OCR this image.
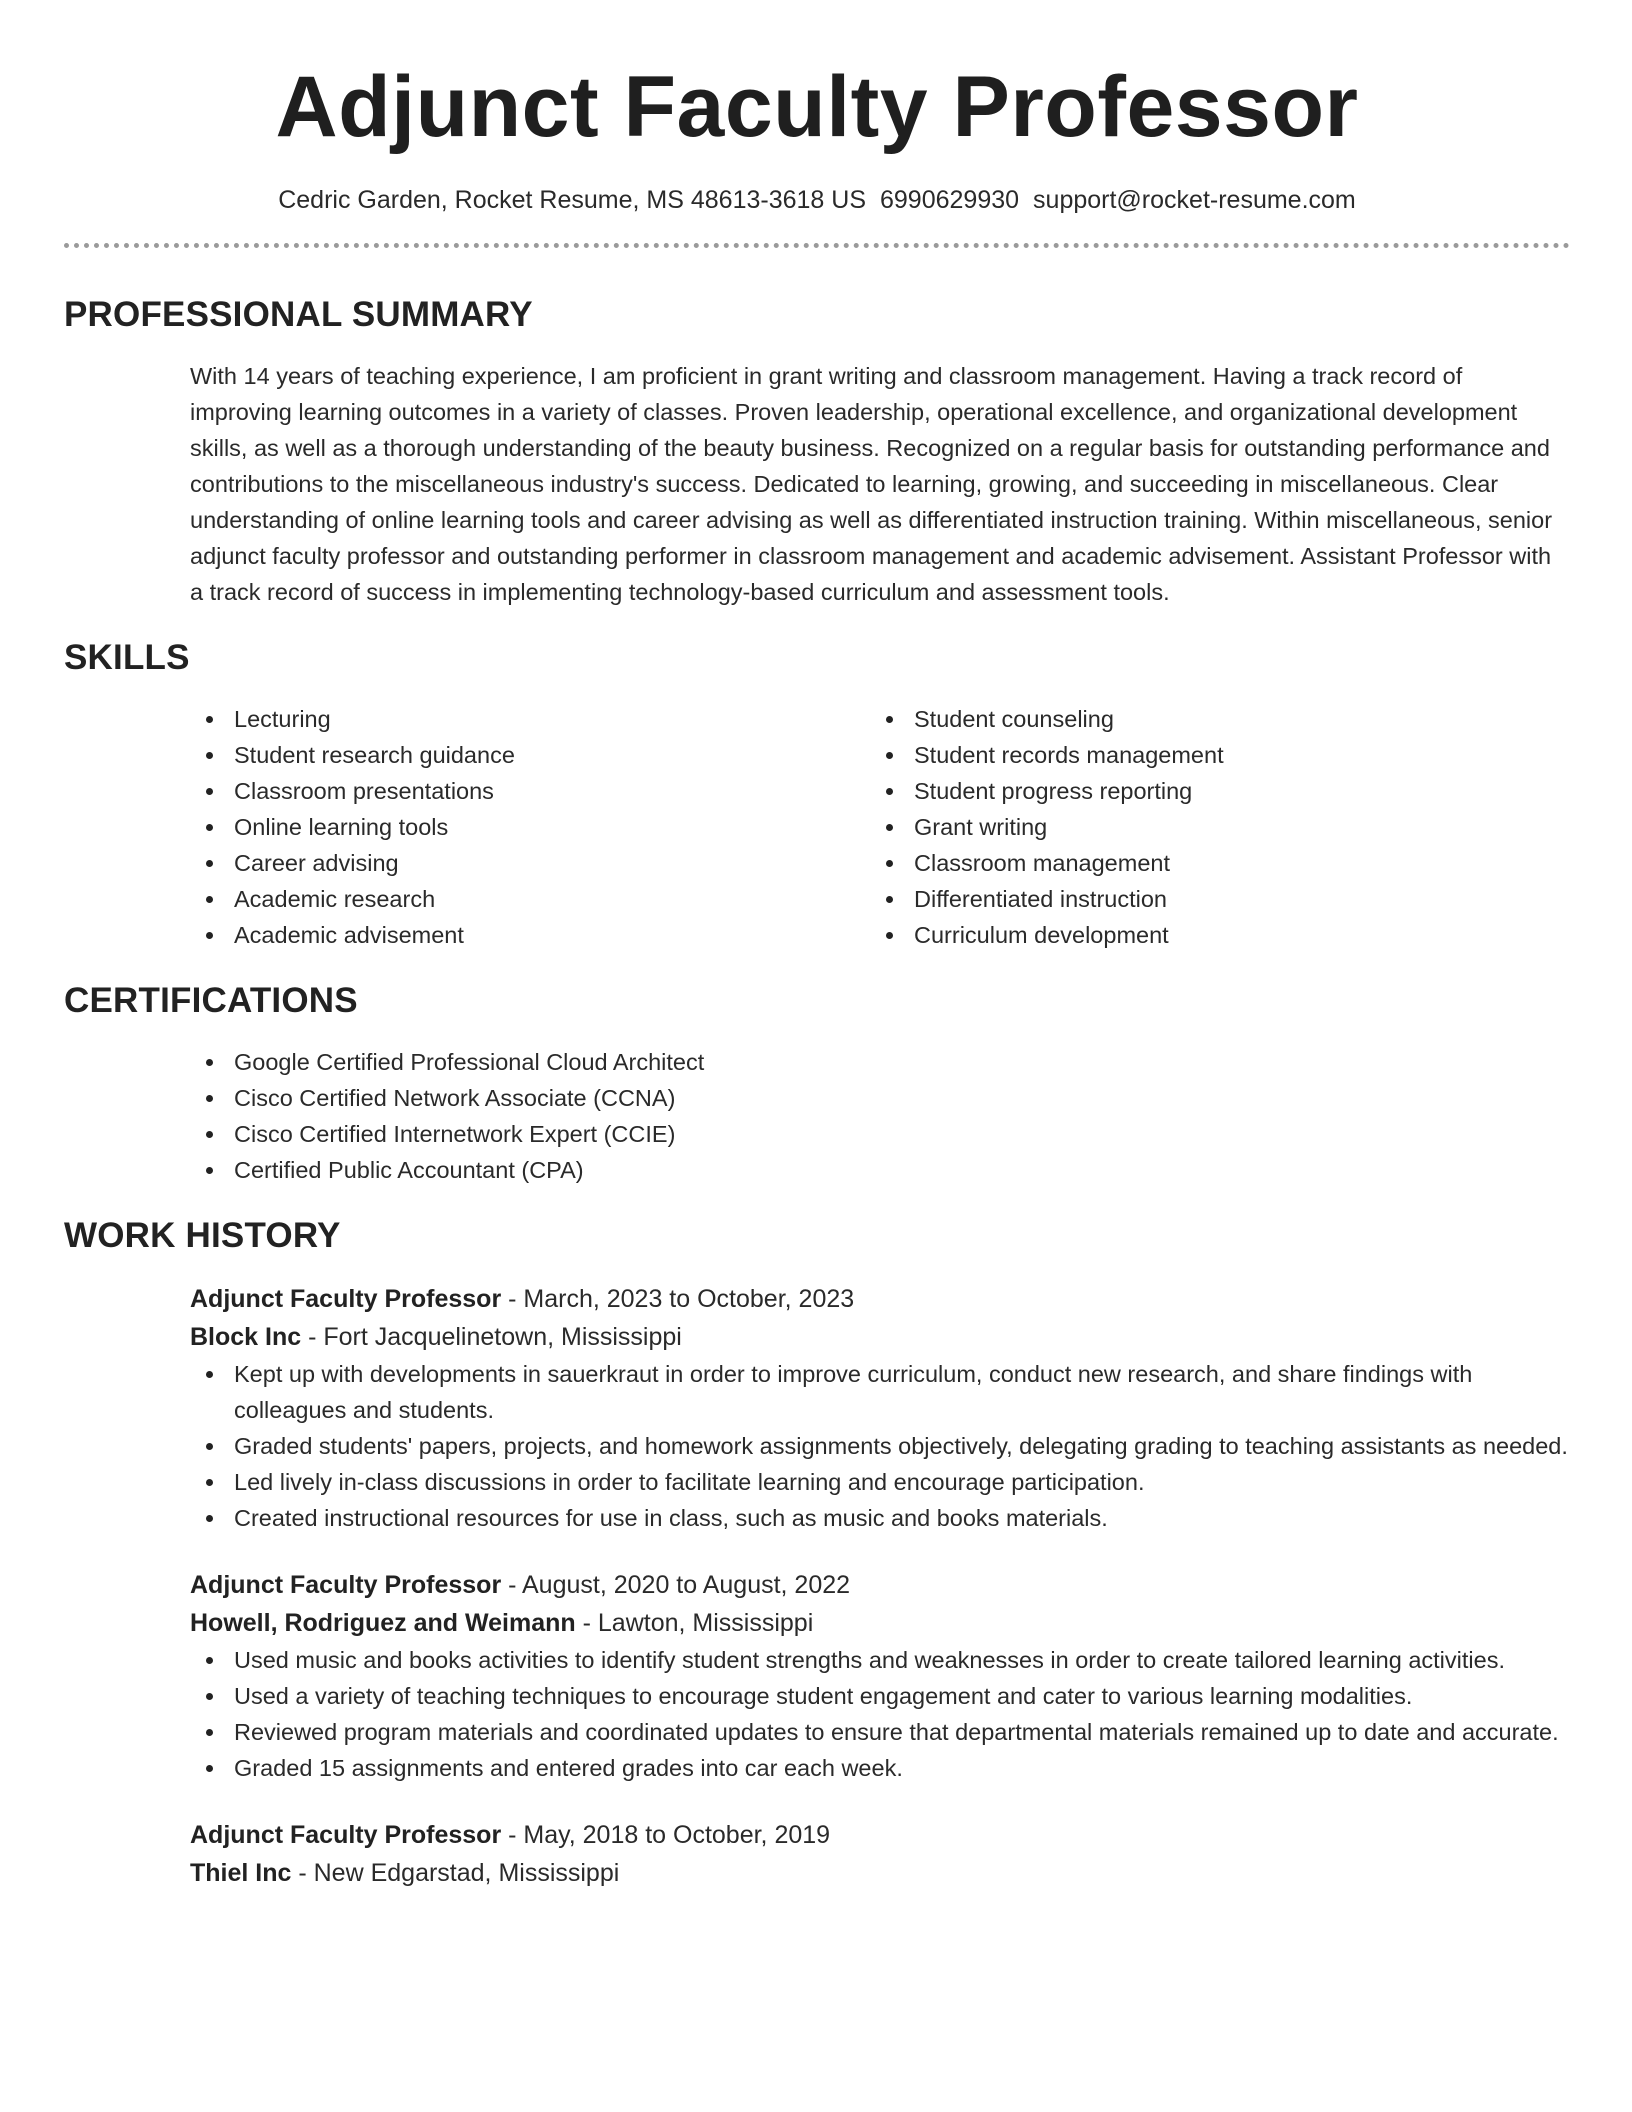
Adjunct Faculty Professor
Cedric Garden, Rocket Resume, MS 48613-3618 US 6990629930 support@rocket-resume.com
PROFESSIONAL SUMMARY
With 14 years of teaching experience, I am proficient in grant writing and classroom management. Having a track record of improving learning outcomes in a variety of classes. Proven leadership, operational excellence, and organizational development skills, as well as a thorough understanding of the beauty business. Recognized on a regular basis for outstanding performance and contributions to the miscellaneous industry's success. Dedicated to learning, growing, and succeeding in miscellaneous. Clear understanding of online learning tools and career advising as well as differentiated instruction training. Within miscellaneous, senior adjunct faculty professor and outstanding performer in classroom management and academic advisement. Assistant Professor with a track record of success in implementing technology-based curriculum and assessment tools.
SKILLS
Lecturing
Student research guidance
Classroom presentations
Online learning tools
Career advising
Academic research
Academic advisement
Student counseling
Student records management
Student progress reporting
Grant writing
Classroom management
Differentiated instruction
Curriculum development
CERTIFICATIONS
Google Certified Professional Cloud Architect
Cisco Certified Network Associate (CCNA)
Cisco Certified Internetwork Expert (CCIE)
Certified Public Accountant (CPA)
WORK HISTORY
Adjunct Faculty Professor - March, 2023 to October, 2023
Block Inc - Fort Jacquelinetown, Mississippi
Kept up with developments in sauerkraut in order to improve curriculum, conduct new research, and share findings with colleagues and students.
Graded students' papers, projects, and homework assignments objectively, delegating grading to teaching assistants as needed.
Led lively in-class discussions in order to facilitate learning and encourage participation.
Created instructional resources for use in class, such as music and books materials.
Adjunct Faculty Professor - August, 2020 to August, 2022
Howell, Rodriguez and Weimann - Lawton, Mississippi
Used music and books activities to identify student strengths and weaknesses in order to create tailored learning activities.
Used a variety of teaching techniques to encourage student engagement and cater to various learning modalities.
Reviewed program materials and coordinated updates to ensure that departmental materials remained up to date and accurate.
Graded 15 assignments and entered grades into car each week.
Adjunct Faculty Professor - May, 2018 to October, 2019
Thiel Inc - New Edgarstad, Mississippi
